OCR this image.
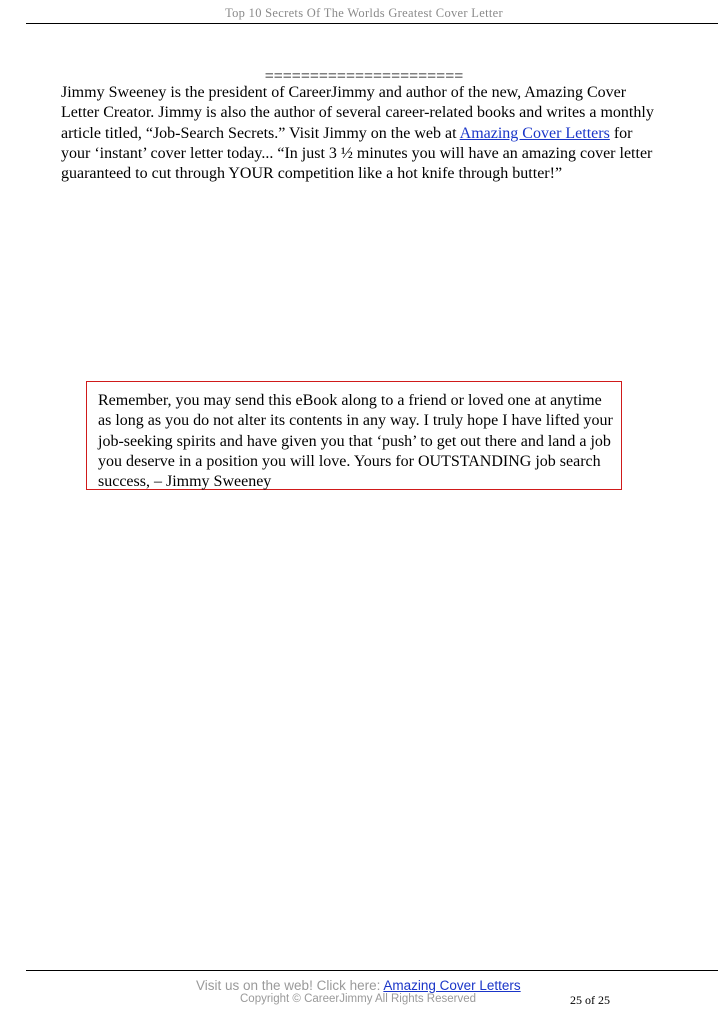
Top 10 Secrets Of The Worlds Greatest Cover Letter
======================
Jimmy Sweeney is the president of CareerJimmy and author of the new, Amazing Cover Letter Creator. Jimmy is also the author of several career-related books and writes a monthly article titled, “Job-Search Secrets.” Visit Jimmy on the web at Amazing Cover Letters for your ‘instant’ cover letter today... “In just 3 ½ minutes you will have an amazing cover letter guaranteed to cut through YOUR competition like a hot knife through butter!”
Remember, you may send this eBook along to a friend or loved one at anytime as long as you do not alter its contents in any way. I truly hope I have lifted your job-seeking spirits and have given you that ‘push’ to get out there and land a job you deserve in a position you will love. Yours for OUTSTANDING job search success, – Jimmy Sweeney
Visit us on the web! Click here: Amazing Cover Letters
Copyright © CareerJimmy All Rights Reserved	25 of 25
